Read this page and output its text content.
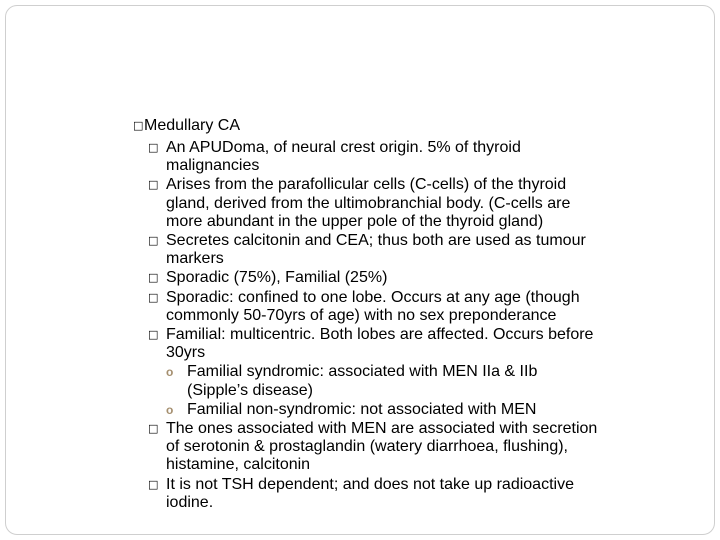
□ Medullary CA
□ An APUDoma, of neural crest origin. 5% of thyroid
malignancies
□ Arises from the parafollicular cells (C-cells) of the thyroid
gland, derived from the ultimobranchial body. (C-cells are
more abundant in the upper pole of the thyroid gland)
□ Secretes calcitonin and CEA; thus both are used as tumour
markers
□ Sporadic (75%), Familial (25%)
□ Sporadic: confined to one lobe. Occurs at any age (though
commonly 50-70yrs of age) with no sex preponderance
□ Familial: multicentric. Both lobes are affected. Occurs before
30yrs
o Familial syndromic: associated with MEN IIa & IIb
(Sipple’s disease)
o Familial non-syndromic: not associated with MEN
□ The ones associated with MEN are associated with secretion
of serotonin & prostaglandin (watery diarrhoea, flushing),
histamine, calcitonin
□ It is not TSH dependent; and does not take up radioactive
iodine.
